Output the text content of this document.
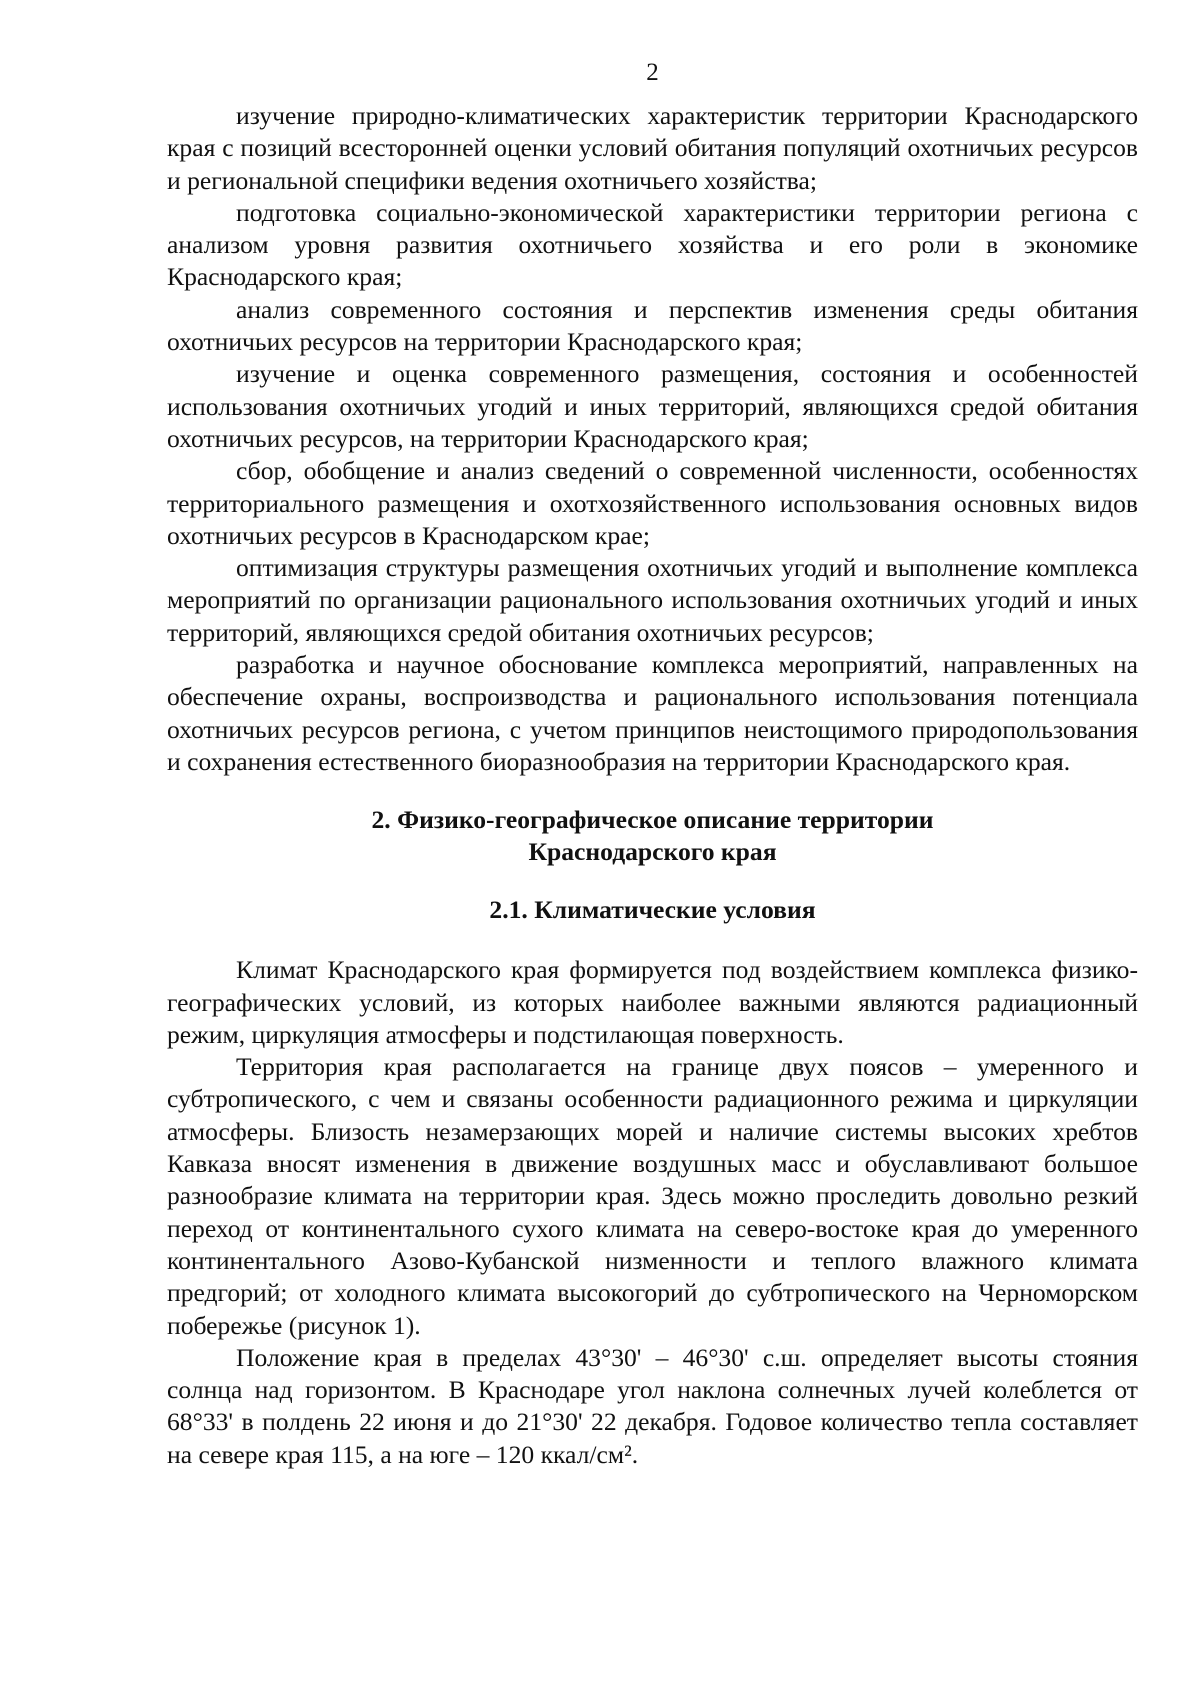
2

изучение природно-климатических характеристик территории Краснодарского края с позиций всесторонней оценки условий обитания популяций охотничьих ресурсов и региональной специфики ведения охотничьего хозяйства;

подготовка социально-экономической характеристики территории региона с анализом уровня развития охотничьего хозяйства и его роли в экономике Краснодарского края;

анализ современного состояния и перспектив изменения среды обитания охотничьих ресурсов на территории Краснодарского края;

изучение и оценка современного размещения, состояния и особенностей использования охотничьих угодий и иных территорий, являющихся средой обитания охотничьих ресурсов, на территории Краснодарского края;

сбор, обобщение и анализ сведений о современной численности, особенностях территориального размещения и охотхозяйственного использования основных видов охотничьих ресурсов в Краснодарском крае;

оптимизация структуры размещения охотничьих угодий и выполнение комплекса мероприятий по организации рационального использования охотничьих угодий и иных территорий, являющихся средой обитания охотничьих ресурсов;

разработка и научное обоснование комплекса мероприятий, направленных на обеспечение охраны, воспроизводства и рационального использования потенциала охотничьих ресурсов региона, с учетом принципов неистощимого природопользования и сохранения естественного биоразнообразия на территории Краснодарского края.

2. Физико-географическое описание территории

Краснодарского края

2.1. Климатические условия

Климат Краснодарского края формируется под воздействием комплекса физико-географических условий, из которых наиболее важными являются радиационный режим, циркуляция атмосферы и подстилающая поверхность.

Территория края располагается на границе двух поясов – умеренного и субтропического, с чем и связаны особенности радиационного режима и циркуляции атмосферы. Близость незамерзающих морей и наличие системы высоких хребтов Кавказа вносят изменения в движение воздушных масс и обуславливают большое разнообразие климата на территории края. Здесь можно проследить довольно резкий переход от континентального сухого климата на северо-востоке края до умеренного континентального Азово-Кубанской низменности и теплого влажного климата предгорий; от холодного климата высокогорий до субтропического на Черноморском побережье (рисунок 1).

Положение края в пределах 43°30' – 46°30' с.ш. определяет высоты стояния солнца над горизонтом. В Краснодаре угол наклона солнечных лучей колеблется от 68°33' в полдень 22 июня и до 21°30' 22 декабря. Годовое количество тепла составляет на севере края 115, а на юге – 120 ккал/см².
